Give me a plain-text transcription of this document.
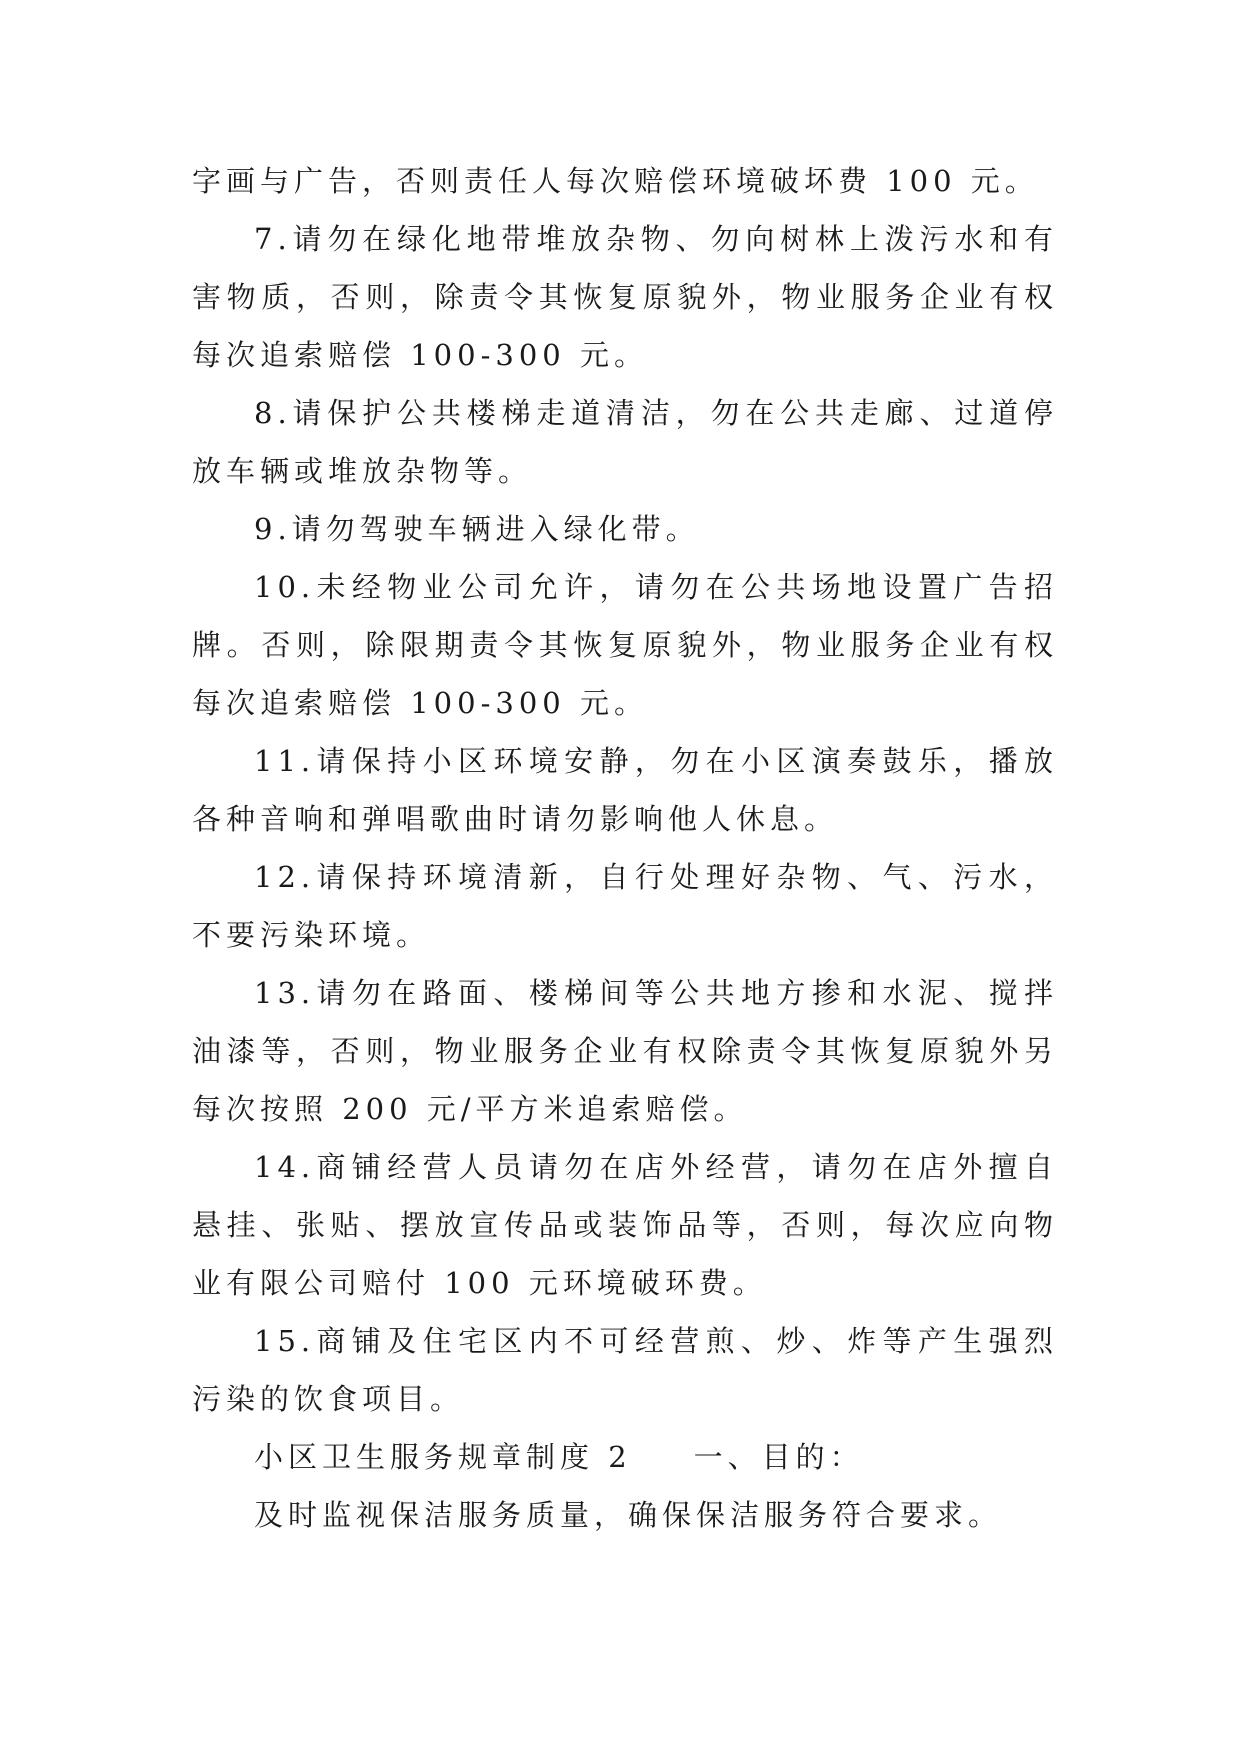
字画与广告，否则责任人每次赔偿环境破坏费 100 元。

7.请勿在绿化地带堆放杂物、勿向树林上泼污水和有害物质，否则，除责令其恢复原貌外，物业服务企业有权每次追索赔偿 100-300 元。

8.请保护公共楼梯走道清洁，勿在公共走廊、过道停放车辆或堆放杂物等。

9.请勿驾驶车辆进入绿化带。

10.未经物业公司允许，请勿在公共场地设置广告招牌。否则，除限期责令其恢复原貌外，物业服务企业有权每次追索赔偿 100-300 元。

11.请保持小区环境安静，勿在小区演奏鼓乐，播放各种音响和弹唱歌曲时请勿影响他人休息。

12.请保持环境清新，自行处理好杂物、气、污水，不要污染环境。

13.请勿在路面、楼梯间等公共地方掺和水泥、搅拌油漆等，否则，物业服务企业有权除责令其恢复原貌外另每次按照 200 元/平方米追索赔偿。

14.商铺经营人员请勿在店外经营，请勿在店外擅自悬挂、张贴、摆放宣传品或装饰品等，否则，每次应向物业有限公司赔付 100 元环境破环费。

15.商铺及住宅区内不可经营煎、炒、炸等产生强烈污染的饮食项目。

小区卫生服务规章制度 2 一、目的：

及时监视保洁服务质量，确保保洁服务符合要求。
